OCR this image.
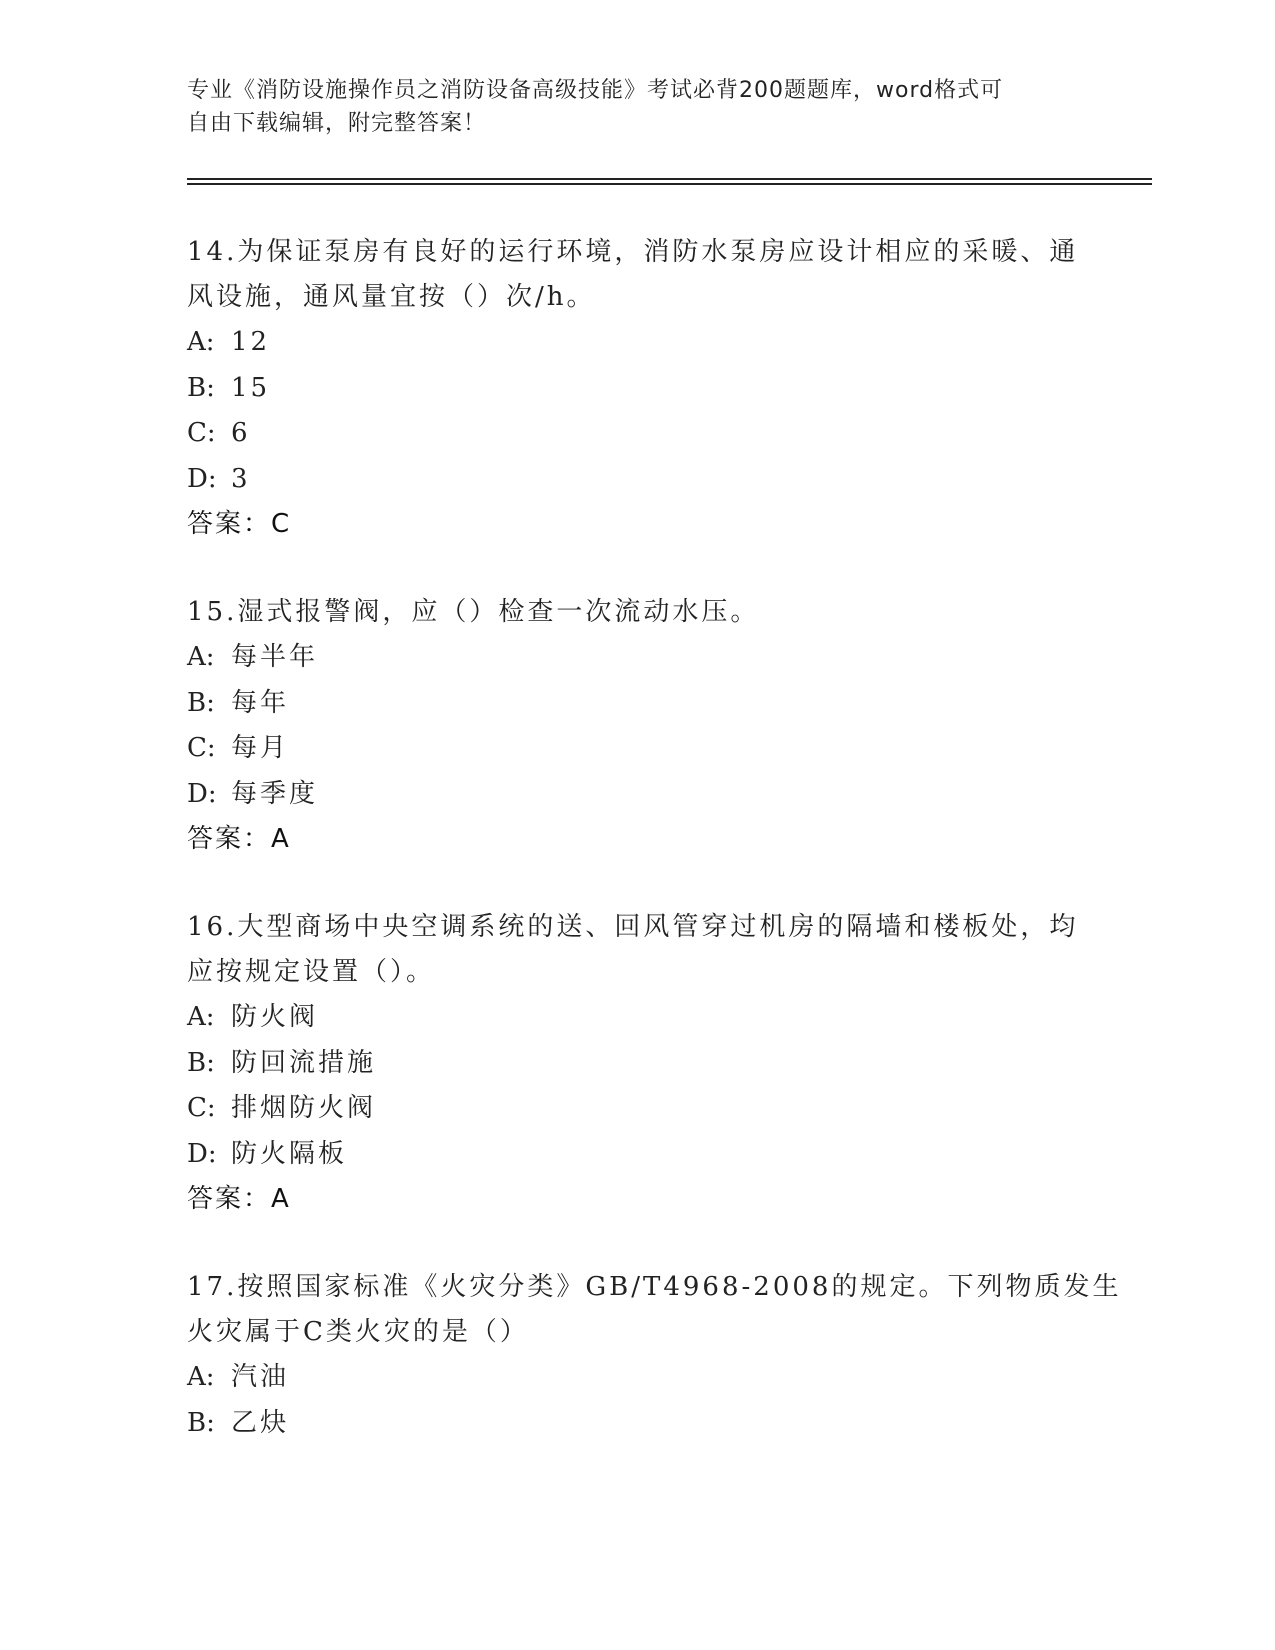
专业《消防设施操作员之消防设备高级技能》考试必背200题题库，word格式可
自由下载编辑，附完整答案！
14.为保证泵房有良好的运行环境，消防水泵房应设计相应的采暖、通
风设施，通风量宜按（）次/h。
A: 12
B: 15
C: 6
D: 3
答案：C
15.湿式报警阀，应（）检查一次流动水压。
A: 每半年
B: 每年
C: 每月
D: 每季度
答案：A
16.大型商场中央空调系统的送、回风管穿过机房的隔墙和楼板处，均
应按规定设置（）。
A: 防火阀
B: 防回流措施
C: 排烟防火阀
D: 防火隔板
答案：A
17.按照国家标准《火灾分类》GB/T4968-2008的规定。下列物质发生
火灾属于C类火灾的是（）
A: 汽油
B: 乙炔
